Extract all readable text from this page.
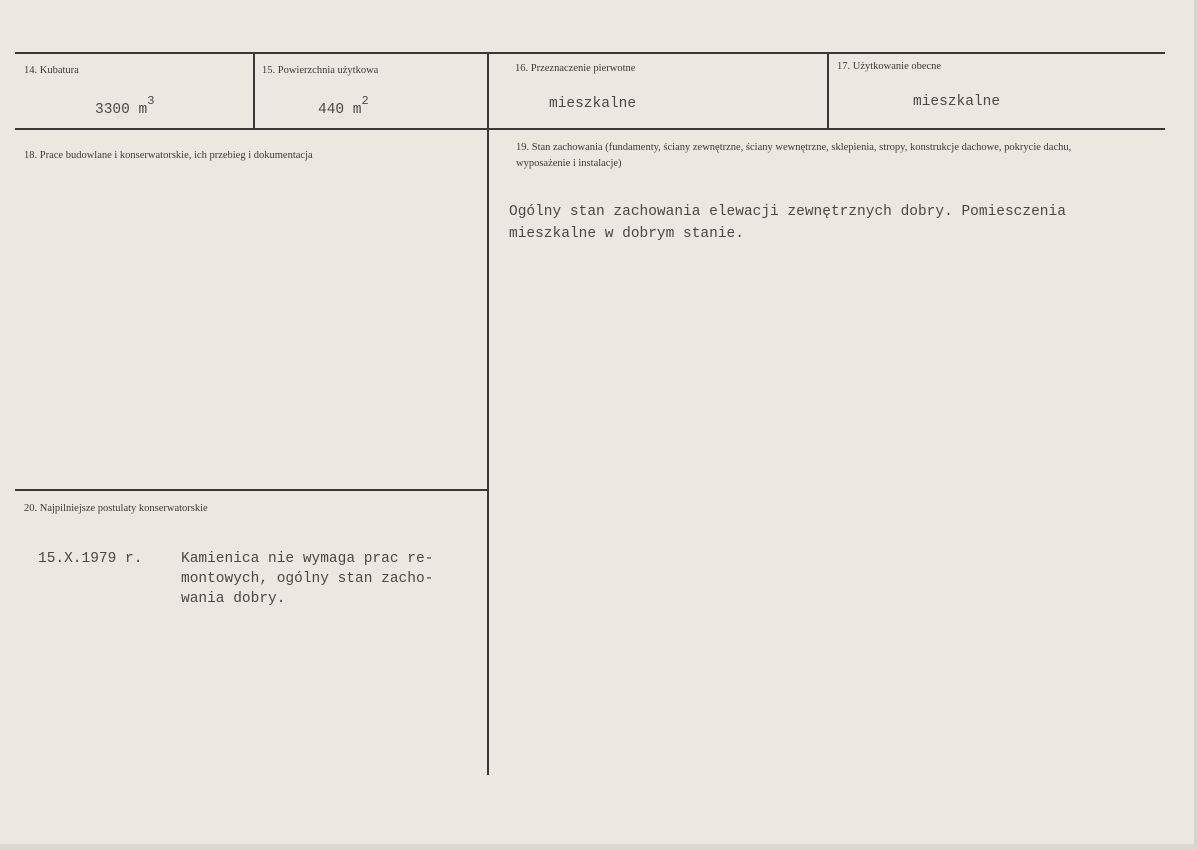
14. Kubatura
3300 $m^3$
15. Powierzchnia użytkowa
440 $m^2$
16. Przeznaczenie pierwotne
mieszkalne
17. Użytkowanie obecne
mieszkalne
18. Prace budowlane i konserwatorskie, ich przebieg i dokumentacja
19. Stan zachowania (fundamenty, ściany zewnętrzne, ściany wewnętrzne, sklepienia, stropy, konstrukcje dachowe, pokrycie dachu, wyposażenie i instalacje)
Ogólny stan zachowania elewacji zewnętrznych dobry. Pomiesczenia
mieszkalne w dobrym stanie.
20. Najpilniejsze postulaty konserwatorskie
15.X.1979 r.	Kamienica nie wymaga prac re-
montowych, ogólny stan zacho-
wania dobry.
